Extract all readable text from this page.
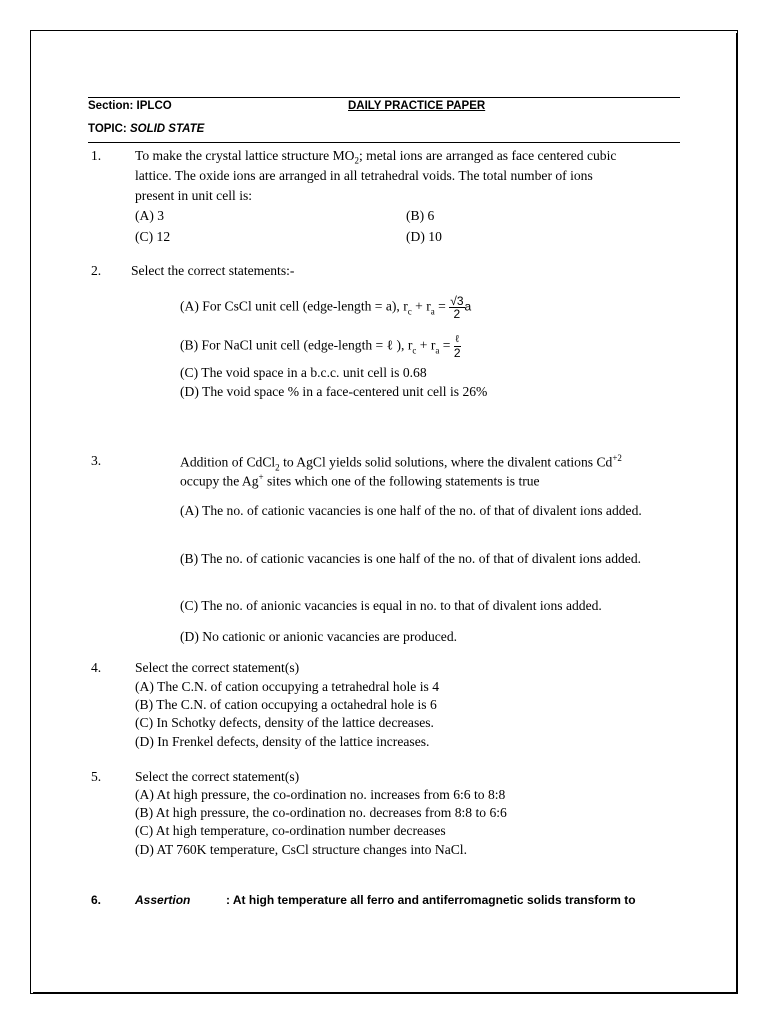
Section: IPLCO	DAILY PRACTICE PAPER
TOPIC: SOLID STATE
1. To make the crystal lattice structure $MO_2$; metal ions are arranged as face centered cubic
lattice. The oxide ions are arranged in all tetrahedral voids. The total number of ions
present in unit cell is:
(A) 3	(B) 6
(C) 12	(D) 10
2. Select the correct statements:-
(A) For CsCl unit cell (edge-length = a), $r_c + r_a = \frac{√3}{2}$ a
(B) For NaCl unit cell (edge-length = ℓ ), $r_c + r_a = \frac{\text{ℓ}}{2}$
(C) The void space in a b.c.c. unit cell is 0.68
(D) The void space % in a face-centered unit cell is 26%
3.	Addition of CdCl$_2$ to AgCl yields solid solutions, where the divalent cations $Cd^{+2}$
occupy the Ag+ sites which one of the following statements is true
(A) The no. of cationic vacancies is one half of the no. of that of divalent ions added.
(B) The no. of cationic vacancies is one half of the no. of that of divalent ions added.
(C) The no. of anionic vacancies is equal in no. to that of divalent ions added.
(D) No cationic or anionic vacancies are produced.
4. Select the correct statement(s)
(A) The C.N. of cation occupying a tetrahedral hole is 4
(B) The C.N. of cation occupying a octahedral hole is 6
(C) In Schotky defects, density of the lattice decreases.
(D) In Frenkel defects, density of the lattice increases.
5. Select the correct statement(s)
(A) At high pressure, the co-ordination no. increases from 6:6 to 8:8
(B) At high pressure, the co-ordination no. decreases from 8:8 to 6:6
(C) At high temperature, co-ordination number decreases
(D) AT 760K temperature, CsCl structure changes into NaCl.
6.	Assertion	: At high temperature all ferro and antiferromagnetic solids transform to
